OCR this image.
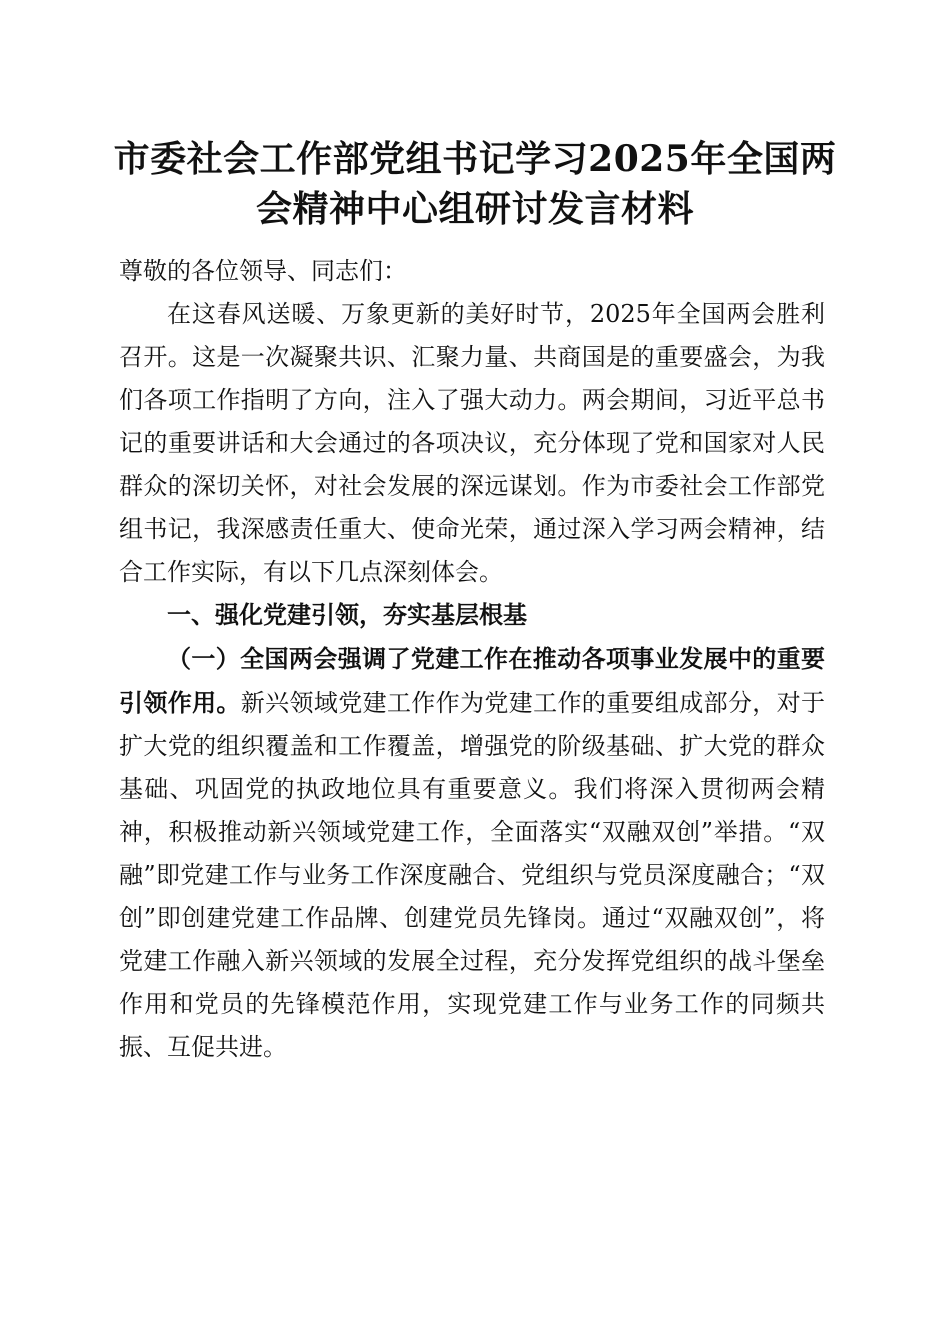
市委社会工作部党组书记学习2025年全国两
会精神中心组研讨发言材料

尊敬的各位领导、同志们：

在这春风送暖、万象更新的美好时节，2025年全国两会胜利召开。这是一次凝聚共识、汇聚力量、共商国是的重要盛会，为我们各项工作指明了方向，注入了强大动力。两会期间，习近平总书记的重要讲话和大会通过的各项决议，充分体现了党和国家对人民群众的深切关怀，对社会发展的深远谋划。作为市委社会工作部党组书记，我深感责任重大、使命光荣，通过深入学习两会精神，结合工作实际，有以下几点深刻体会。

一、强化党建引领，夯实基层根基

（一）全国两会强调了党建工作在推动各项事业发展中的重要引领作用。新兴领域党建工作作为党建工作的重要组成部分，对于扩大党的组织覆盖和工作覆盖，增强党的阶级基础、扩大党的群众基础、巩固党的执政地位具有重要意义。我们将深入贯彻两会精神，积极推动新兴领域党建工作，全面落实“双融双创”举措。“双融”即党建工作与业务工作深度融合、党组织与党员深度融合；“双创”即创建党建工作品牌、创建党员先锋岗。通过“双融双创”，将党建工作融入新兴领域的发展全过程，充分发挥党组织的战斗堡垒作用和党员的先锋模范作用，实现党建工作与业务工作的同频共振、互促共进。
